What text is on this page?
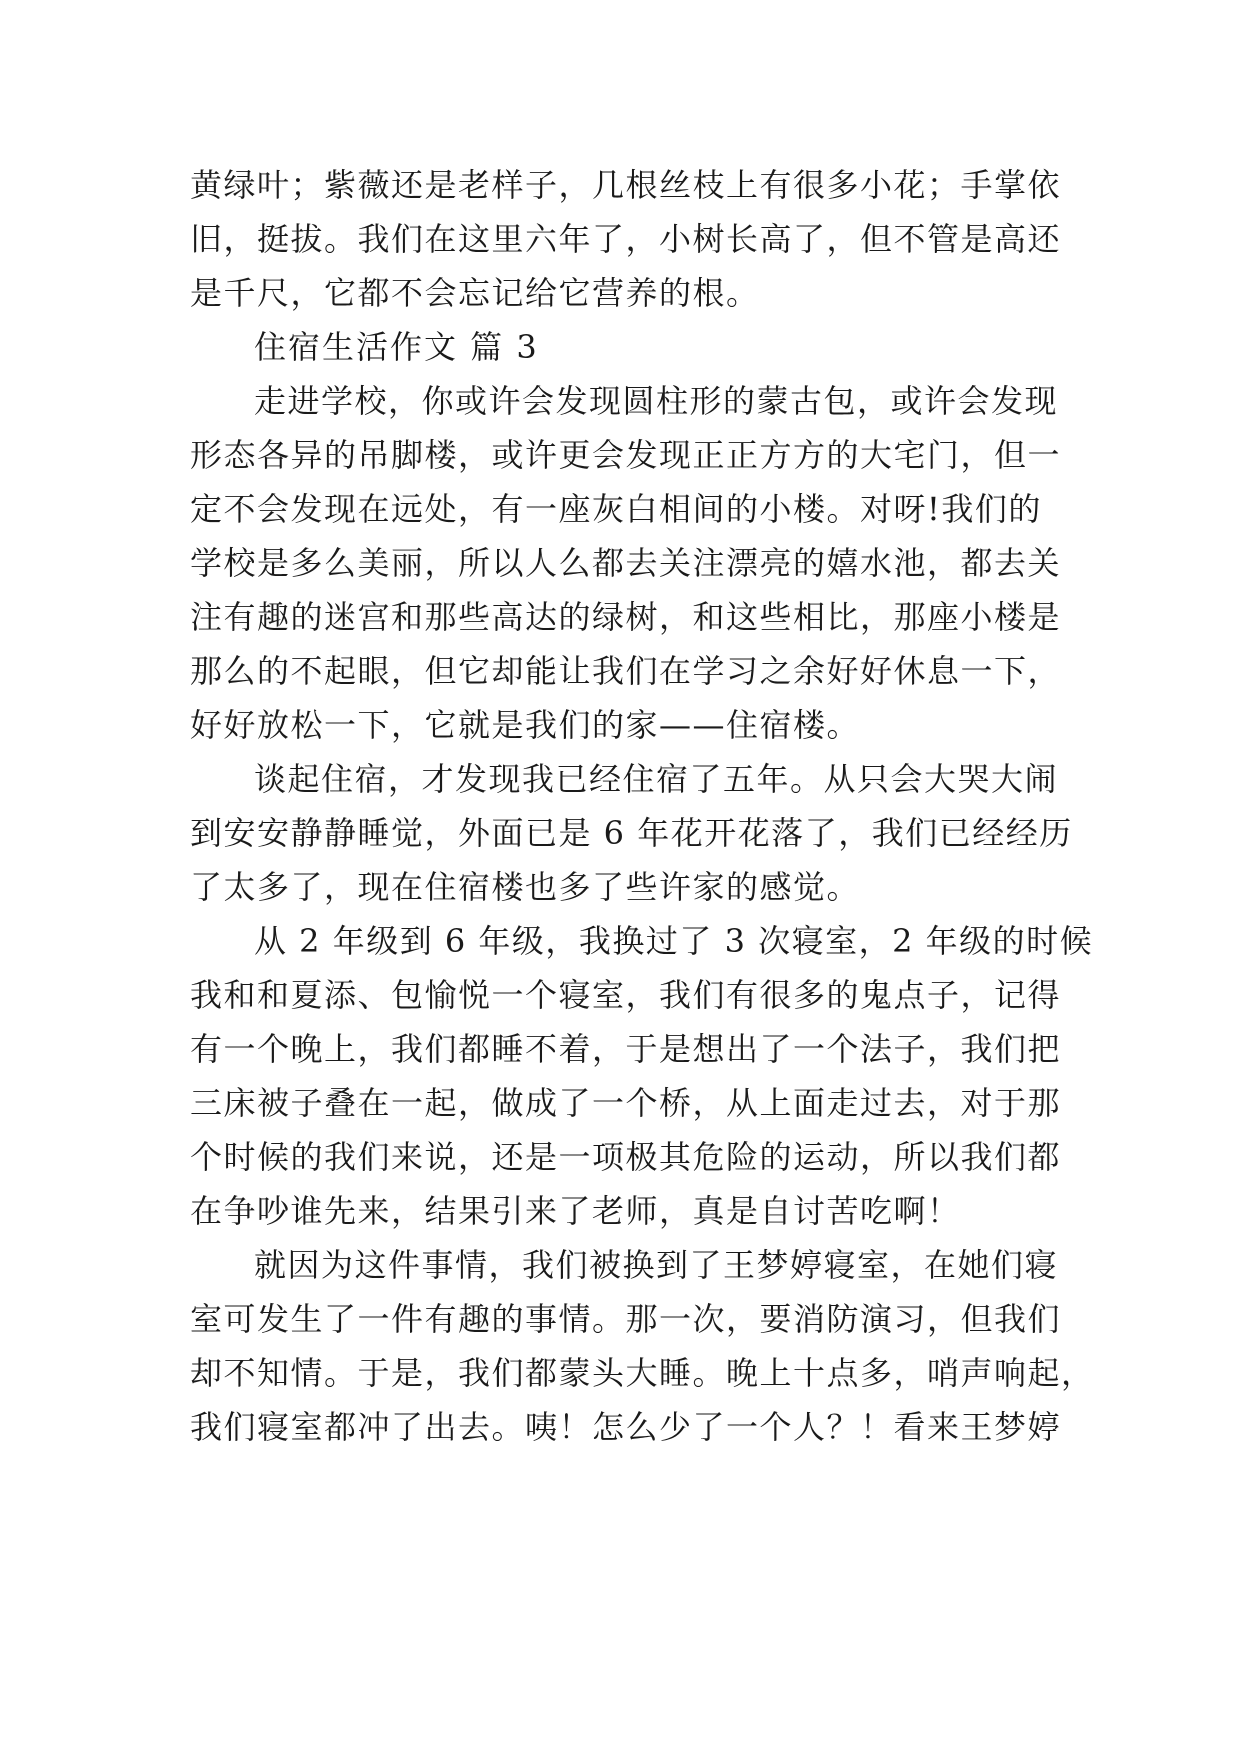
黄绿叶；紫薇还是老样子，几根丝枝上有很多小花；手掌依
旧，挺拔。我们在这里六年了，小树长高了，但不管是高还
是千尺，它都不会忘记给它营养的根。
住宿生活作文 篇 3
走进学校，你或许会发现圆柱形的蒙古包，或许会发现
形态各异的吊脚楼，或许更会发现正正方方的大宅门，但一
定不会发现在远处，有一座灰白相间的小楼。对呀!我们的
学校是多么美丽，所以人么都去关注漂亮的嬉水池，都去关
注有趣的迷宫和那些高达的绿树，和这些相比，那座小楼是
那么的不起眼，但它却能让我们在学习之余好好休息一下，
好好放松一下，它就是我们的家——住宿楼。
谈起住宿，才发现我已经住宿了五年。从只会大哭大闹
到安安静静睡觉，外面已是 6 年花开花落了，我们已经经历
了太多了，现在住宿楼也多了些许家的感觉。
从 2 年级到 6 年级，我换过了 3 次寝室，2 年级的时候
我和和夏添、包愉悦一个寝室，我们有很多的鬼点子，记得
有一个晚上，我们都睡不着，于是想出了一个法子，我们把
三床被子叠在一起，做成了一个桥，从上面走过去，对于那
个时候的我们来说，还是一项极其危险的运动，所以我们都
在争吵谁先来，结果引来了老师，真是自讨苦吃啊！
就因为这件事情，我们被换到了王梦婷寝室，在她们寝
室可发生了一件有趣的事情。那一次，要消防演习，但我们
却不知情。于是，我们都蒙头大睡。晚上十点多，哨声响起，
我们寝室都冲了出去。咦！怎么少了一个人？！看来王梦婷
